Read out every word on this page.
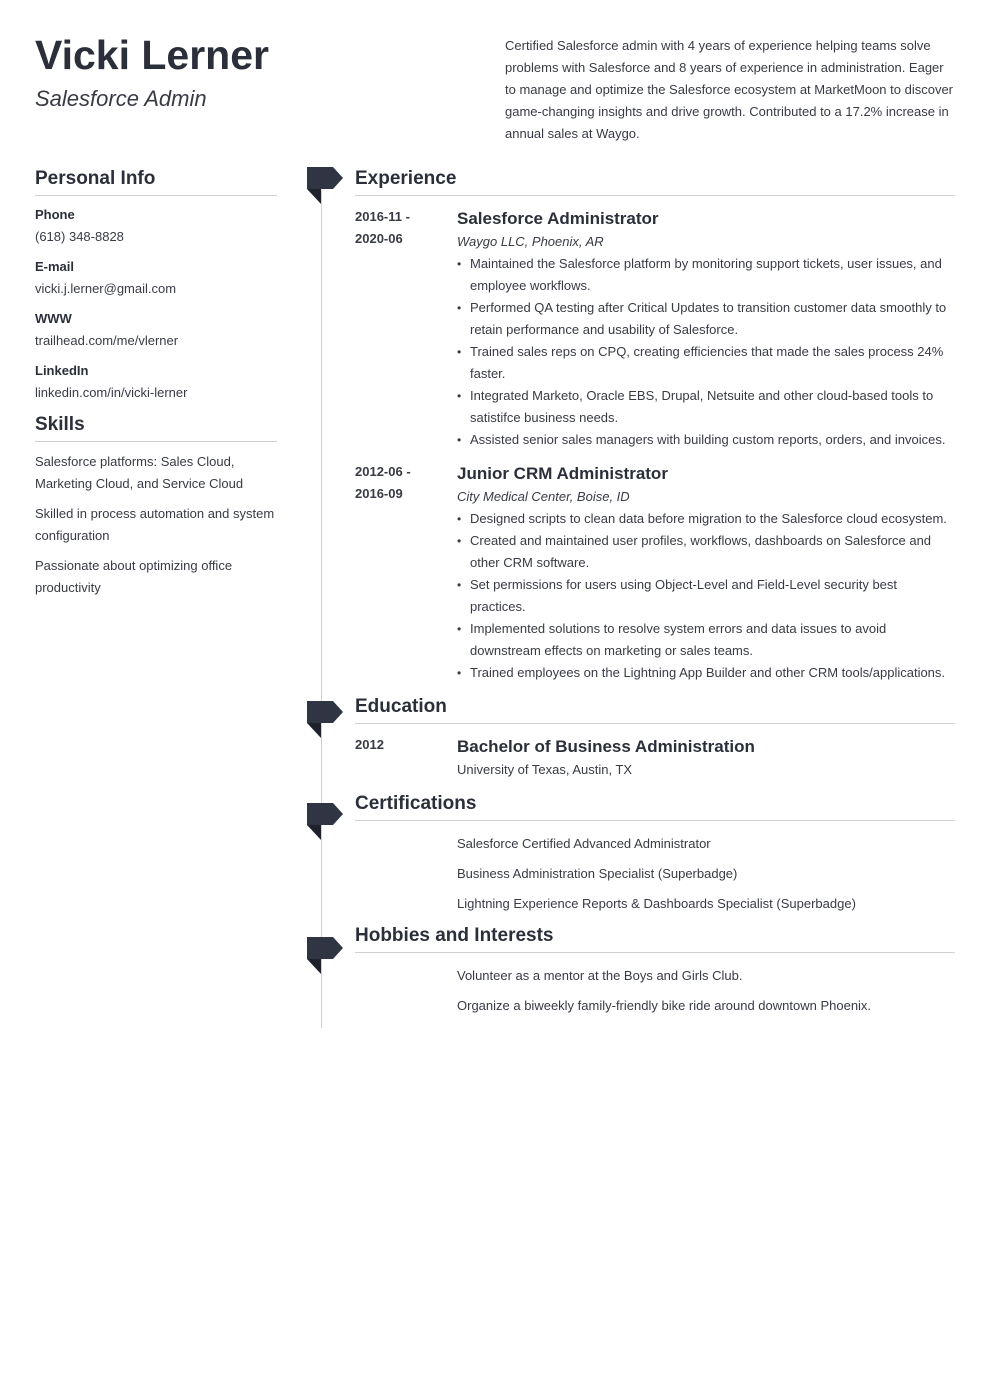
Vicki Lerner
Salesforce Admin

Certified Salesforce admin with 4 years of experience helping teams solve problems with Salesforce and 8 years of experience in administration. Eager to manage and optimize the Salesforce ecosystem at MarketMoon to discover game-changing insights and drive growth. Contributed to a 17.2% increase in annual sales at Waygo.

Personal Info
Phone
(618) 348-8828
E-mail
vicki.j.lerner@gmail.com
WWW
trailhead.com/me/vlerner
LinkedIn
linkedin.com/in/vicki-lerner
Skills
Salesforce platforms: Sales Cloud, Marketing Cloud, and Service Cloud
Skilled in process automation and system configuration
Passionate about optimizing office productivity
Experience
2016-11 -
2020-06
Salesforce Administrator
Waygo LLC, Phoenix, AR
• Maintained the Salesforce platform by monitoring support tickets, user issues, and employee workflows.
• Performed QA testing after Critical Updates to transition customer data smoothly to retain performance and usability of Salesforce.
• Trained sales reps on CPQ, creating efficiencies that made the sales process 24% faster.
• Integrated Marketo, Oracle EBS, Drupal, Netsuite and other cloud-based tools to satistifce business needs.
• Assisted senior sales managers with building custom reports, orders, and invoices.
2012-06 -
2016-09
Junior CRM Administrator
City Medical Center, Boise, ID
• Designed scripts to clean data before migration to the Salesforce cloud ecosystem.
• Created and maintained user profiles, workflows, dashboards on Salesforce and other CRM software.
• Set permissions for users using Object-Level and Field-Level security best practices.
• Implemented solutions to resolve system errors and data issues to avoid downstream effects on marketing or sales teams.
• Trained employees on the Lightning App Builder and other CRM tools/applications.
Education
2012	Bachelor of Business Administration
University of Texas, Austin, TX
Certifications
Salesforce Certified Advanced Administrator
Business Administration Specialist (Superbadge)
Lightning Experience Reports & Dashboards Specialist (Superbadge)
Hobbies and Interests
Volunteer as a mentor at the Boys and Girls Club.
Organize a biweekly family-friendly bike ride around downtown Phoenix.
